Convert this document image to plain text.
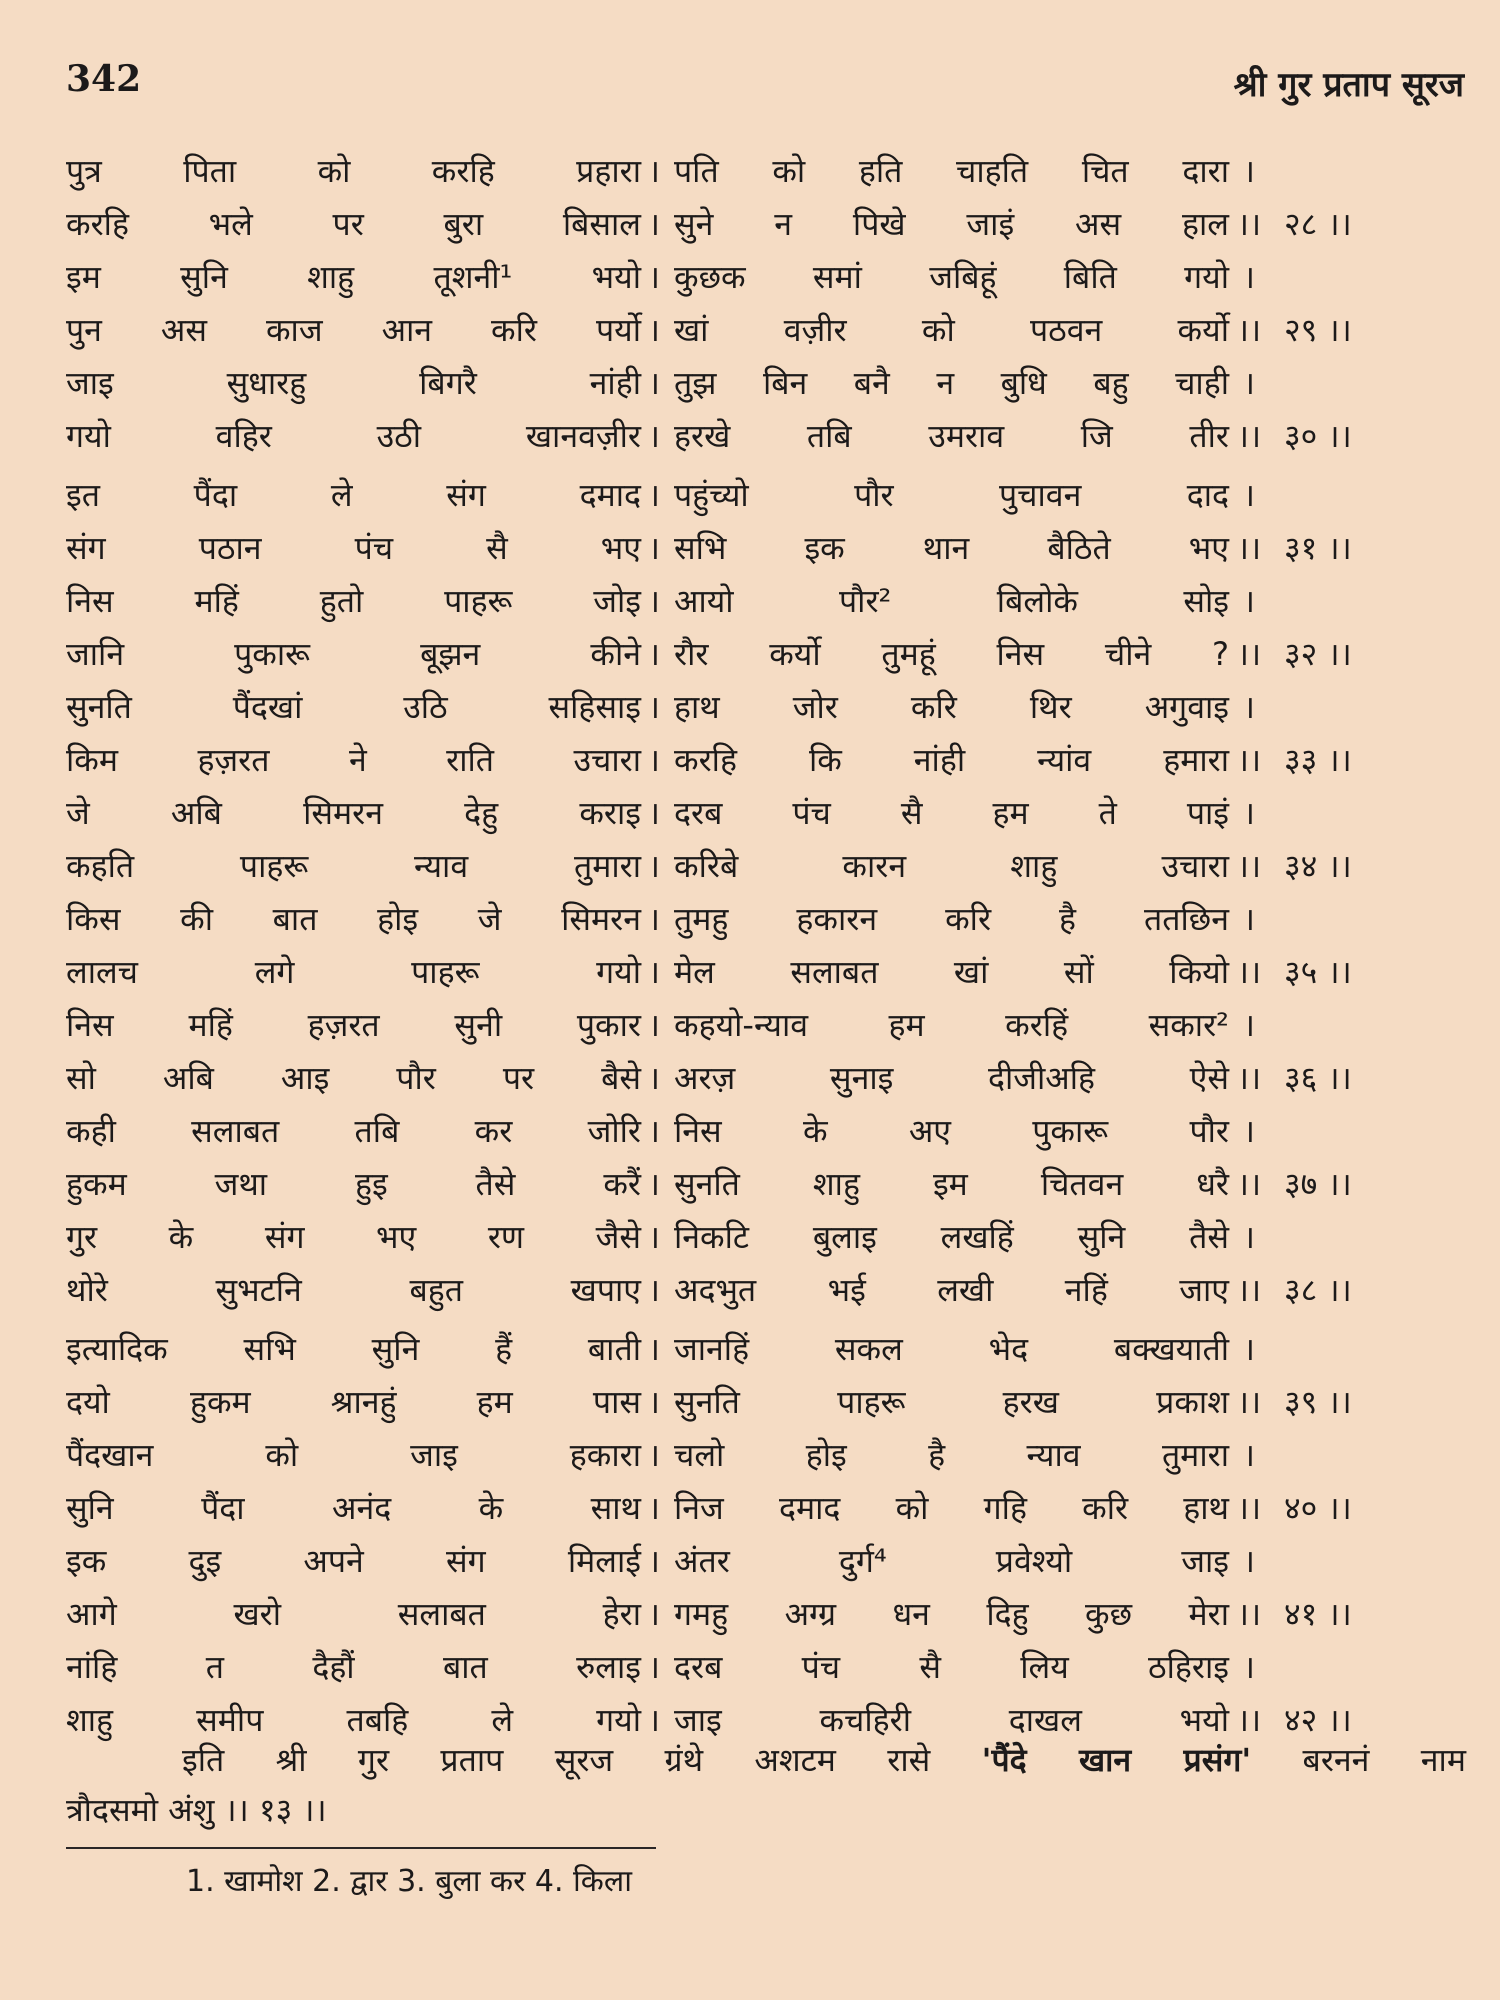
342	श्री गुर प्रताप सूरज
पुत्र पिता को करहि प्रहारा । पति को हति चाहति चित दारा ।
करहि भले पर बुरा बिसाल । सुने न पिखे जाइं अस हाल ।। २८ ।।
इम सुनि शाहु तूशनी¹ भयो । कुछक समां जबिहूं बिति गयो ।
पुन अस काज आन करि पर्यो । खां वज़ीर को पठवन कर्यो ।। २९ ।।
जाइ सुधारहु बिगरै नांही । तुझ बिन बनै न बुधि बहु चाही ।
गयो वहिर उठी खानवज़ीर । हरखे तबि उमराव जि तीर ।। ३० ।।
इत पैंदा ले संग दमाद । पहुंच्यो पौर पुचावन दाद ।
संग पठान पंच सै भए । सभि इक थान बैठिते भए ।। ३१ ।।
निस महिं हुतो पाहरू जोइ । आयो पौर² बिलोके सोइ ।
जानि पुकारू बूझन कीने । रौर कर्यो तुमहूं निस चीने ? ।। ३२ ।।
सुनति पैंदखां उठि सहिसाइ । हाथ जोर करि थिर अगुवाइ ।
किम हज़रत ने राति उचारा । करहि कि नांही न्यांव हमारा ।। ३३ ।।
जे अबि सिमरन देहु कराइ । दरब पंच सै हम ते पाइं ।
कहति पाहरू न्याव तुमारा । करिबे कारन शाहु उचारा ।। ३४ ।।
किस की बात होइ जे सिमरन । तुमहु हकारन करि है ततछिन ।
लालच लगे पाहरू गयो । मेल सलाबत खां सों कियो ।। ३५ ।।
निस महिं हज़रत सुनी पुकार । कहयो-न्याव हम करहिं सकार² ।
सो अबि आइ पौर पर बैसे । अरज़ सुनाइ दीजीअहि ऐसे ।। ३६ ।।
कही सलाबत तबि कर जोरि । निस के अए पुकारू पौर ।
हुकम जथा हुइ तैसे करैं । सुनति शाहु इम चितवन धरै ।। ३७ ।।
गुर के संग भए रण जैसे । निकटि बुलाइ लखहिं सुनि तैसे ।
थोरे सुभटनि बहुत खपाए । अदभुत भई लखी नहिं जाए ।। ३८ ।।
इत्यादिक सभि सुनि हैं बाती । जानहिं सकल भेद बक्खयाती ।
दयो हुकम श्रानहुं हम पास । सुनति पाहरू हरख प्रकाश ।। ३९ ।।
पैंदखान को जाइ हकारा । चलो होइ है न्याव तुमारा ।
सुनि पैंदा अनंद के साथ । निज दमाद को गहि करि हाथ ।। ४० ।।
इक दुइ अपने संग मिलाई । अंतर दुर्ग⁴ प्रवेश्यो जाइ ।
आगे खरो सलाबत हेरा । गमहु अग्ग्र धन दिहु कुछ मेरा ।। ४१ ।।
नांहि त दैहौं बात रुलाइ । दरब पंच सै लिय ठहिराइ ।
शाहु समीप तबहि ले गयो । जाइ कचहिरी दाखल भयो ।। ४२ ।।
इति श्री गुर प्रताप सूरज ग्रंथे अशटम रासे 'पैंदे खान प्रसंग' बरननं नाम
त्रौदसमो अंशु ।। १३ ।।
1. खामोश 2. द्वार 3. बुला कर 4. किला
